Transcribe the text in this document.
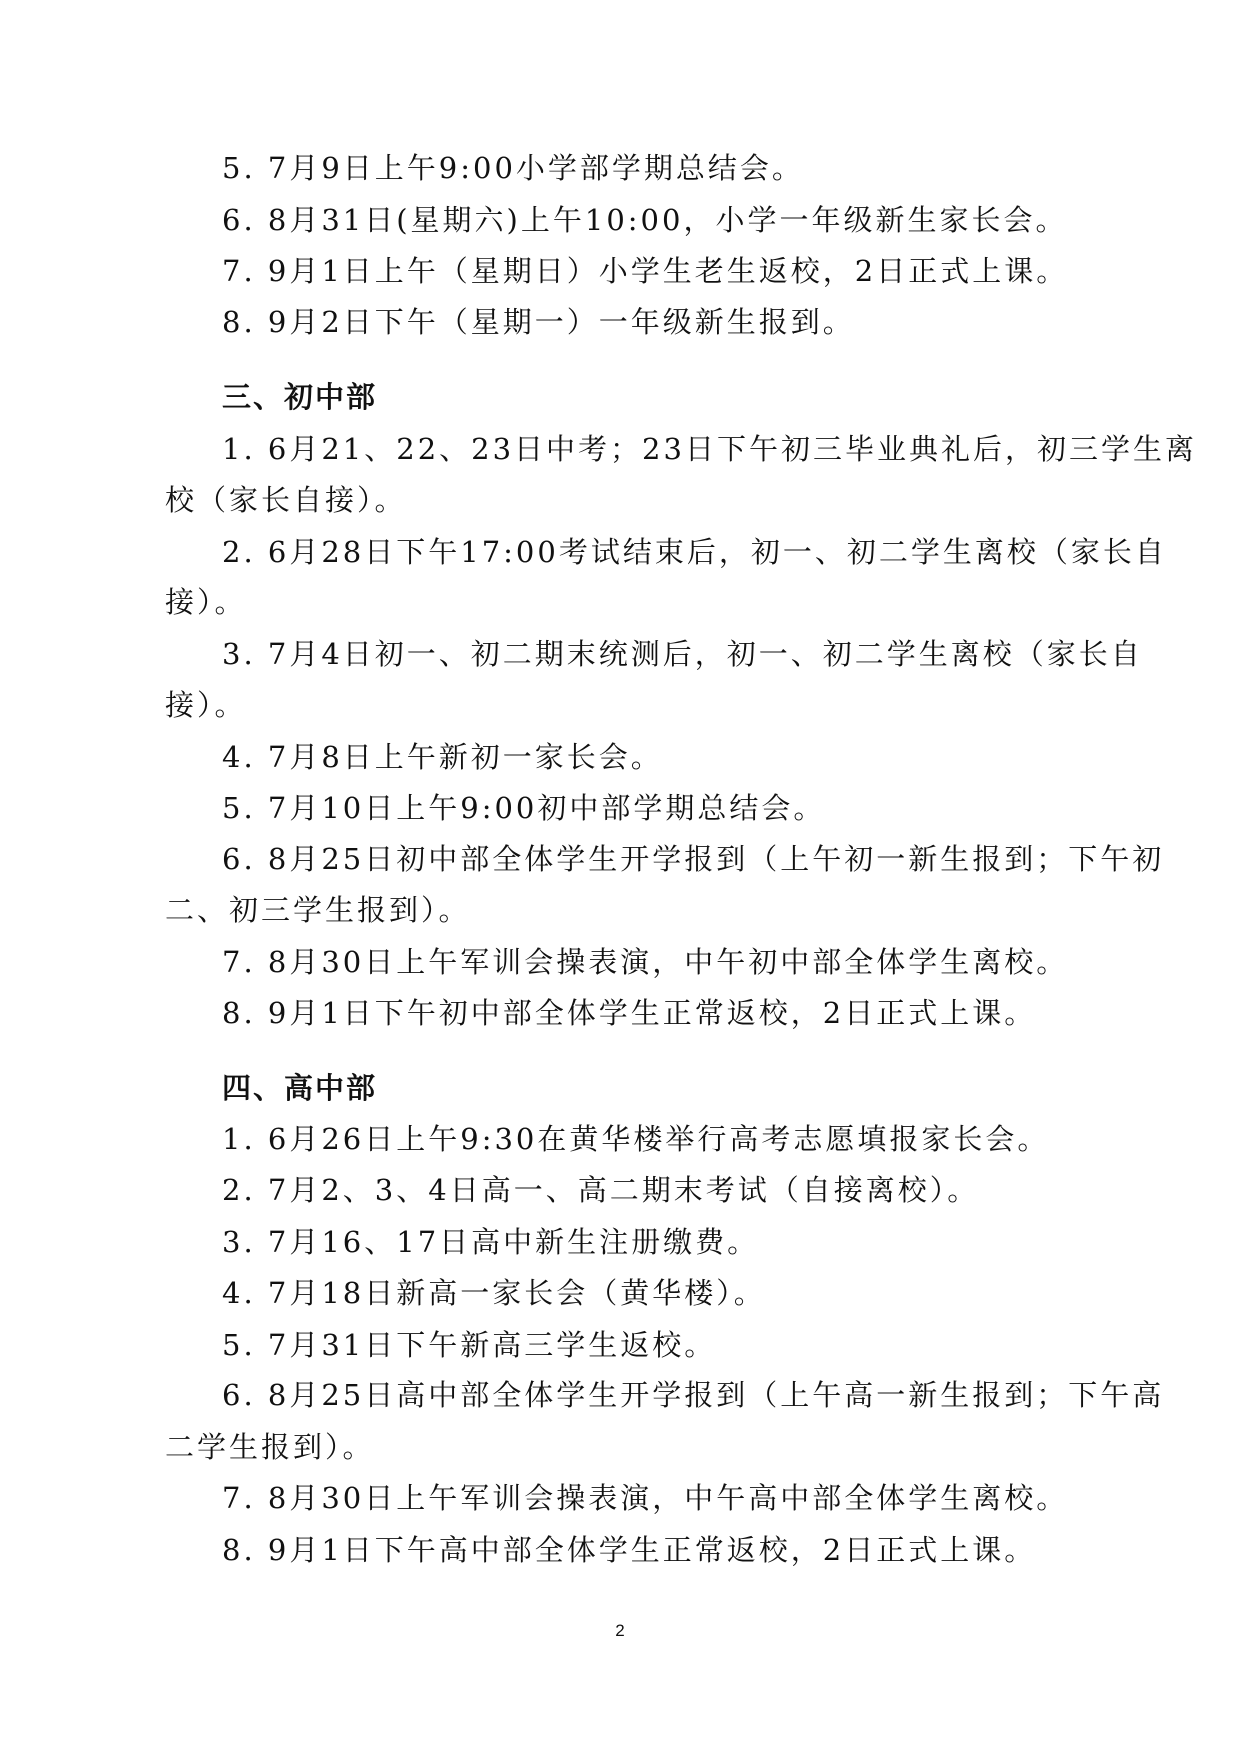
5. 7月9日上午9:00小学部学期总结会。
6. 8月31日(星期六)上午10:00，小学一年级新生家长会。
7. 9月1日上午（星期日）小学生老生返校，2日正式上课。
8. 9月2日下午（星期一）一年级新生报到。
三、初中部
1. 6月21、22、23日中考；23日下午初三毕业典礼后，初三学生离
校（家长自接）。
2. 6月28日下午17:00考试结束后，初一、初二学生离校（家长自
接）。
3. 7月4日初一、初二期末统测后，初一、初二学生离校（家长自
接）。
4. 7月8日上午新初一家长会。
5. 7月10日上午9:00初中部学期总结会。
6. 8月25日初中部全体学生开学报到（上午初一新生报到；下午初
二、初三学生报到）。
7. 8月30日上午军训会操表演，中午初中部全体学生离校。
8. 9月1日下午初中部全体学生正常返校，2日正式上课。
四、高中部
1. 6月26日上午9:30在黄华楼举行高考志愿填报家长会。
2. 7月2、3、4日高一、高二期末考试（自接离校）。
3. 7月16、17日高中新生注册缴费。
4. 7月18日新高一家长会（黄华楼）。
5. 7月31日下午新高三学生返校。
6. 8月25日高中部全体学生开学报到（上午高一新生报到；下午高
二学生报到）。
7. 8月30日上午军训会操表演，中午高中部全体学生离校。
8. 9月1日下午高中部全体学生正常返校，2日正式上课。
2
